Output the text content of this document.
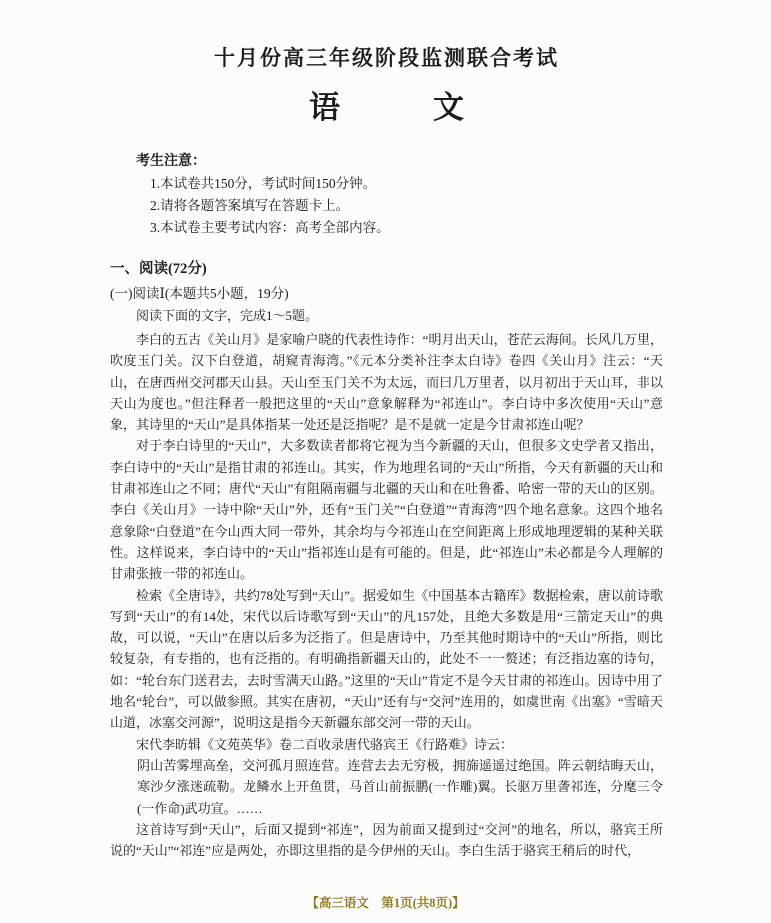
十月份高三年级阶段监测联合考试
语　　　文
考生注意：
1.本试卷共150分，考试时间150分钟。
2.请将各题答案填写在答题卡上。
3.本试卷主要考试内容：高考全部内容。
一、阅读(72分)
(一)阅读Ⅰ(本题共5小题，19分)
阅读下面的文字，完成1～5题。

李白的五古《关山月》是家喻户晓的代表性诗作：“明月出天山，苍茫云海间。长风几万里，吹度玉门关。汉下白登道，胡窥青海湾。”《元本分类补注李太白诗》卷四《关山月》注云：“天山，在唐西州交河郡天山县。天山至玉门关不为太远，而曰几万里者，以月初出于天山耳，非以天山为度也。”但注释者一般把这里的“天山”意象解释为“祁连山”。李白诗中多次使用“天山”意象，其诗里的“天山”是具体指某一处还是泛指呢？是不是就一定是今甘肃祁连山呢？

对于李白诗里的“天山”，大多数读者都将它视为当今新疆的天山，但很多文史学者又指出，李白诗中的“天山”是指甘肃的祁连山。其实，作为地理名词的“天山”所指，今天有新疆的天山和甘肃祁连山之不同；唐代“天山”有阻隔南疆与北疆的天山和在吐鲁番、哈密一带的天山的区别。李白《关山月》一诗中除“天山”外，还有“玉门关”“白登道”“青海湾”四个地名意象。这四个地名意象除“白登道”在今山西大同一带外，其余均与今祁连山在空间距离上形成地理逻辑的某种关联性。这样说来，李白诗中的“天山”指祁连山是有可能的。但是，此“祁连山”未必都是今人理解的甘肃张掖一带的祁连山。

检索《全唐诗》，共约78处写到“天山”。据爱如生《中国基本古籍库》数据检索，唐以前诗歌写到“天山”的有14处，宋代以后诗歌写到“天山”的凡157处，且绝大多数是用“三箭定天山”的典故，可以说，“天山”在唐以后多为泛指了。但是唐诗中，乃至其他时期诗中的“天山”所指，则比较复杂，有专指的，也有泛指的。有明确指新疆天山的，此处不一一赘述；有泛指边塞的诗句，如：“轮台东门送君去，去时雪满天山路。”这里的“天山”肯定不是今天甘肃的祁连山。因诗中用了地名“轮台”，可以做参照。其实在唐初，“天山”还有与“交河”连用的，如虞世南《出塞》“雪暗天山道，冰塞交河源”，说明这是指今天新疆东部交河一带的天山。

宋代李昉辑《文苑英华》卷二百收录唐代骆宾王《行路难》诗云：

阴山苦雾埋高垒，交河孤月照连营。连营去去无穷极，拥旆遥遥过绝国。阵云朝结晦天山，寒沙夕涨迷疏勒。龙鳞水上开鱼贯，马首山前振鹏(一作雕)翼。长驱万里詟祁连，分麾三令(一作命)武功宣。……

这首诗写到“天山”，后面又提到“祁连”，因为前面又提到过“交河”的地名，所以，骆宾王所说的“天山”“祁连”应是两处，亦即这里指的是今伊州的天山。李白生活于骆宾王稍后的时代，

【高三语文　第1页(共8页)】
